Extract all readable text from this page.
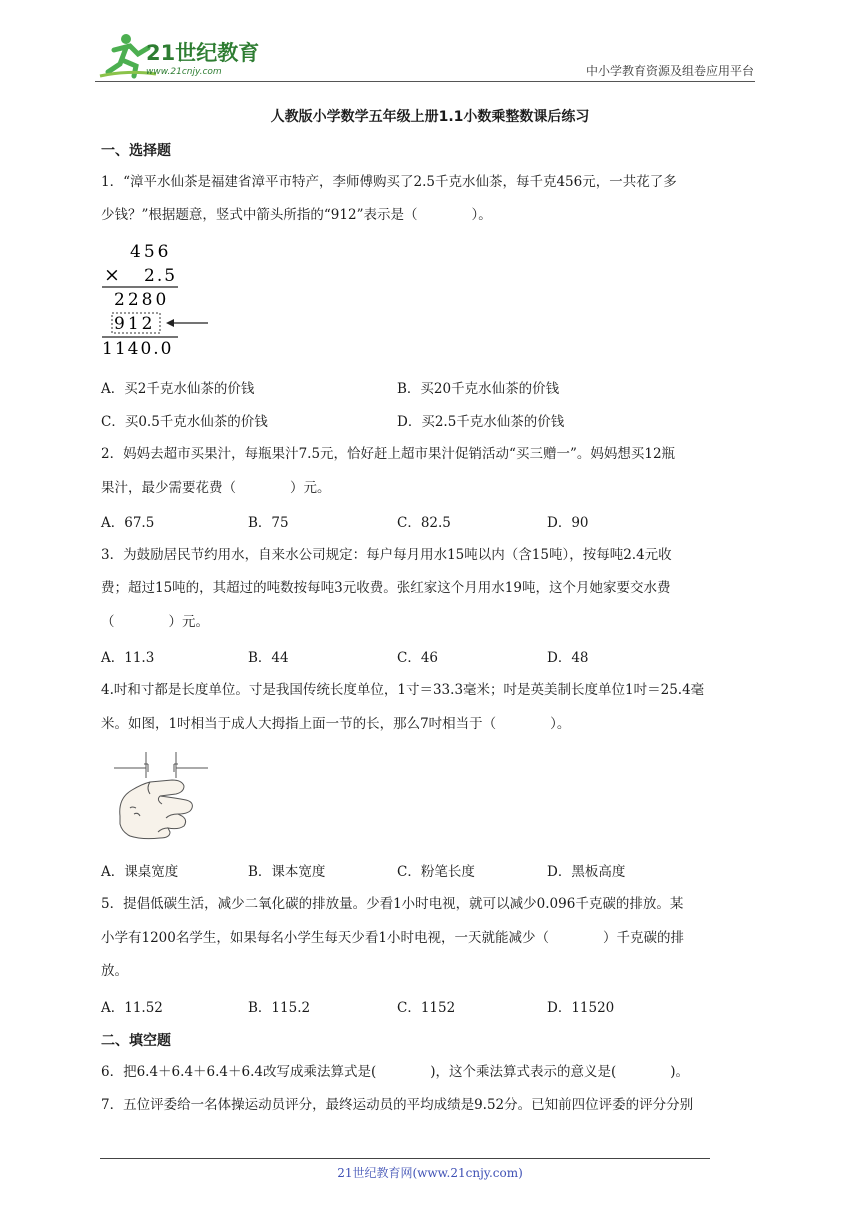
21世纪教育
www.21cnjy.com	中小学教育资源及组卷应用平台
人教版小学数学五年级上册1.1小数乘整数课后练习
一、选择题
1．“漳平水仙茶是福建省漳平市特产，李师傅购买了2.5千克水仙茶，每千克456元，一共花了多
少钱？”根据题意，竖式中箭头所指的“912”表示是（　　　　）。
456
× 2.5
2280
912
1140.0
A．买2千克水仙茶的价钱	B．买20千克水仙茶的价钱
C．买0.5千克水仙茶的价钱	D．买2.5千克水仙茶的价钱
2．妈妈去超市买果汁，每瓶果汁7.5元，恰好赶上超市果汁促销活动“买三赠一”。妈妈想买12瓶
果汁，最少需要花费（　　　　）元。
A．67.5	B．75	C．82.5	D．90
3．为鼓励居民节约用水，自来水公司规定：每户每月用水15吨以内（含15吨），按每吨2.4元收
费；超过15吨的，其超过的吨数按每吨3元收费。张红家这个月用水19吨，这个月她家要交水费
（　　　　）元。
A．11.3	B．44	C．46	D．48
4.吋和寸都是长度单位。寸是我国传统长度单位，1寸＝33.3毫米；吋是英美制长度单位1吋＝25.4毫
米。如图，1吋相当于成人大拇指上面一节的长，那么7吋相当于（　　　　）。
A．课桌宽度	B．课本宽度	C．粉笔长度	D．黑板高度
5．提倡低碳生活，减少二氧化碳的排放量。少看1小时电视，就可以减少0.096千克碳的排放。某
小学有1200名学生，如果每名小学生每天少看1小时电视，一天就能减少（　　　　）千克碳的排
放。
A．11.52	B．115.2	C．1152	D．11520
二、填空题
6．把6.4＋6.4＋6.4＋6.4改写成乘法算式是(　　　　)，这个乘法算式表示的意义是(　　　　)。
7．五位评委给一名体操运动员评分，最终运动员的平均成绩是9.52分。已知前四位评委的评分分别
21世纪教育网(www.21cnjy.com)
